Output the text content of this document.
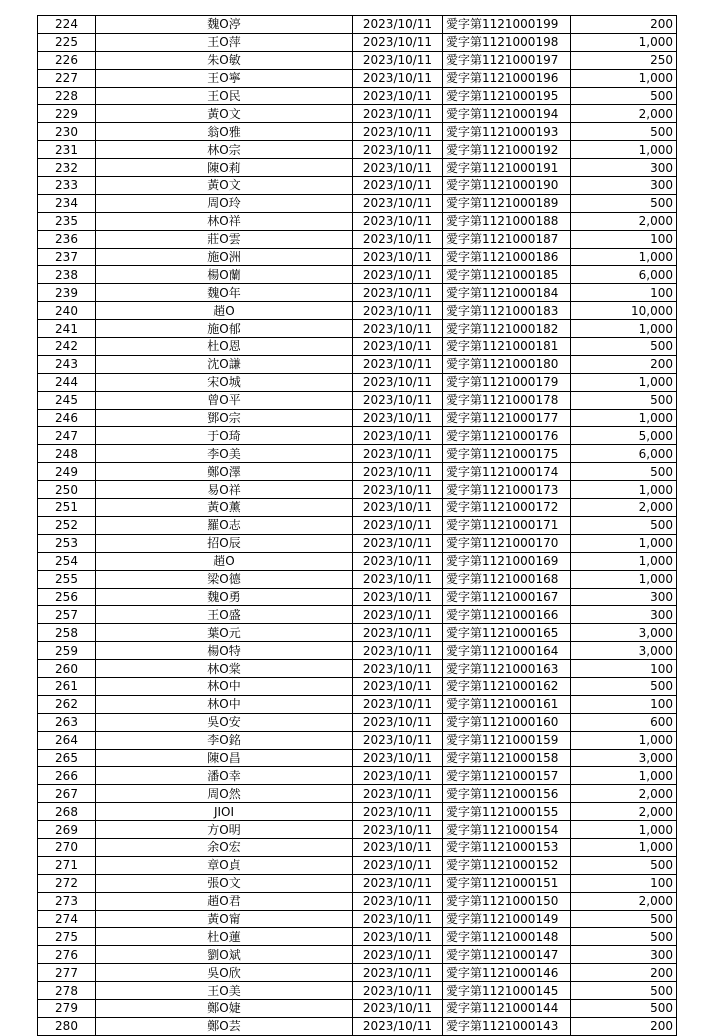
224	魏O渟	2023/10/11	愛字第1121000199	200
225	王O萍	2023/10/11	愛字第1121000198	1,000
226	朱O敏	2023/10/11	愛字第1121000197	250
227	王O寧	2023/10/11	愛字第1121000196	1,000
228	王O民	2023/10/11	愛字第1121000195	500
229	黃O文	2023/10/11	愛字第1121000194	2,000
230	翁O雅	2023/10/11	愛字第1121000193	500
231	林O宗	2023/10/11	愛字第1121000192	1,000
232	陳O莉	2023/10/11	愛字第1121000191	300
233	黃O文	2023/10/11	愛字第1121000190	300
234	周O玲	2023/10/11	愛字第1121000189	500
235	林O祥	2023/10/11	愛字第1121000188	2,000
236	莊O雲	2023/10/11	愛字第1121000187	100
237	施O洲	2023/10/11	愛字第1121000186	1,000
238	楊O蘭	2023/10/11	愛字第1121000185	6,000
239	魏O年	2023/10/11	愛字第1121000184	100
240	趙O	2023/10/11	愛字第1121000183	10,000
241	施O郁	2023/10/11	愛字第1121000182	1,000
242	杜O恩	2023/10/11	愛字第1121000181	500
243	沈O謙	2023/10/11	愛字第1121000180	200
244	宋O城	2023/10/11	愛字第1121000179	1,000
245	曾O平	2023/10/11	愛字第1121000178	500
246	鄧O宗	2023/10/11	愛字第1121000177	1,000
247	于O琦	2023/10/11	愛字第1121000176	5,000
248	李O美	2023/10/11	愛字第1121000175	6,000
249	鄭O澤	2023/10/11	愛字第1121000174	500
250	易O祥	2023/10/11	愛字第1121000173	1,000
251	黃O薰	2023/10/11	愛字第1121000172	2,000
252	羅O志	2023/10/11	愛字第1121000171	500
253	招O辰	2023/10/11	愛字第1121000170	1,000
254	趙O	2023/10/11	愛字第1121000169	1,000
255	梁O德	2023/10/11	愛字第1121000168	1,000
256	魏O勇	2023/10/11	愛字第1121000167	300
257	王O盛	2023/10/11	愛字第1121000166	300
258	葉O元	2023/10/11	愛字第1121000165	3,000
259	楊O特	2023/10/11	愛字第1121000164	3,000
260	林O棠	2023/10/11	愛字第1121000163	100
261	林O中	2023/10/11	愛字第1121000162	500
262	林O中	2023/10/11	愛字第1121000161	100
263	吳O安	2023/10/11	愛字第1121000160	600
264	李O銘	2023/10/11	愛字第1121000159	1,000
265	陳O昌	2023/10/11	愛字第1121000158	3,000
266	潘O幸	2023/10/11	愛字第1121000157	1,000
267	周O然	2023/10/11	愛字第1121000156	2,000
268	JIOI	2023/10/11	愛字第1121000155	2,000
269	方O明	2023/10/11	愛字第1121000154	1,000
270	余O宏	2023/10/11	愛字第1121000153	1,000
271	章O貞	2023/10/11	愛字第1121000152	500
272	張O文	2023/10/11	愛字第1121000151	100
273	趙O君	2023/10/11	愛字第1121000150	2,000
274	黃O甯	2023/10/11	愛字第1121000149	500
275	杜O蓮	2023/10/11	愛字第1121000148	500
276	劉O斌	2023/10/11	愛字第1121000147	300
277	吳O欣	2023/10/11	愛字第1121000146	200
278	王O美	2023/10/11	愛字第1121000145	500
279	鄭O婕	2023/10/11	愛字第1121000144	500
280	鄭O芸	2023/10/11	愛字第1121000143	200
